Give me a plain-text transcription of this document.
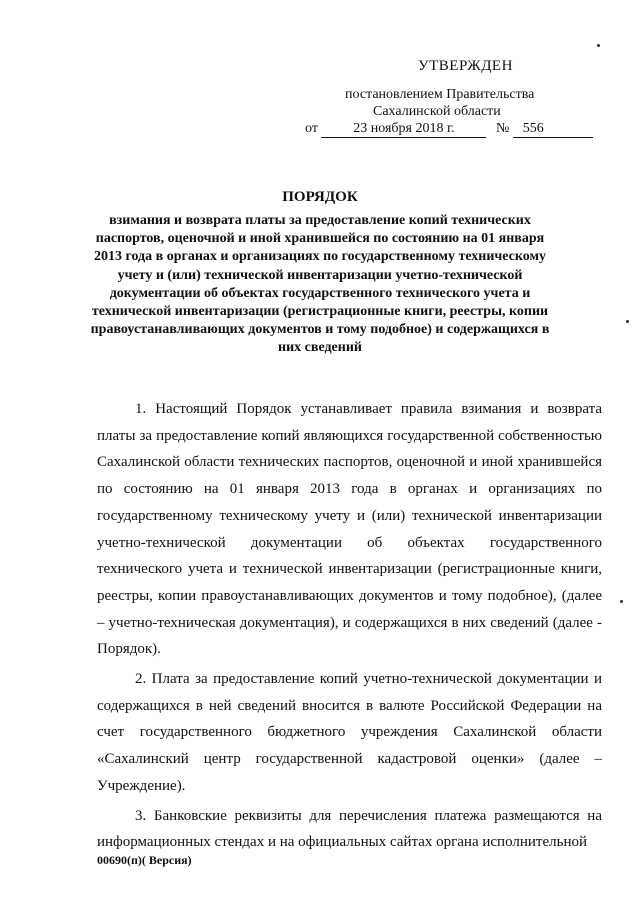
УТВЕРЖДЕН
постановлением Правительства
Сахалинской области
от	23 ноября 2018 г.	№ 556
ПОРЯДОК
взимания и возврата платы за предоставление копий технических паспортов, оценочной и иной хранившейся по состоянию на 01 января 2013 года в органах и организациях по государственному техническому учету и (или) технической инвентаризации учетно-технической документации об объектах государственного технического учета и технической инвентаризации (регистрационные книги, реестры, копии правоустанавливающих документов и тому подобное) и содержащихся в них сведений

1. Настоящий Порядок устанавливает правила взимания и возврата платы за предоставление копий являющихся государственной собственностью Сахалинской области технических паспортов, оценочной и иной хранившейся по состоянию на 01 января 2013 года в органах и организациях по государственному техническому учету и (или) технической инвентаризации учетно-технической документации об объектах государственного технического учета и технической инвентаризации (регистрационные книги, реестры, копии правоустанавливающих документов и тому подобное), (далее – учетно-техническая документация), и содержащихся в них сведений (далее - Порядок).

2. Плата за предоставление копий учетно-технической документации и содержащихся в ней сведений вносится в валюте Российской Федерации на счет государственного бюджетного учреждения Сахалинской области «Сахалинский центр государственной кадастровой оценки» (далее – Учреждение).

3. Банковские реквизиты для перечисления платежа размещаются на информационных стендах и на официальных сайтах органа исполнительной

00690(п)( Версия)
